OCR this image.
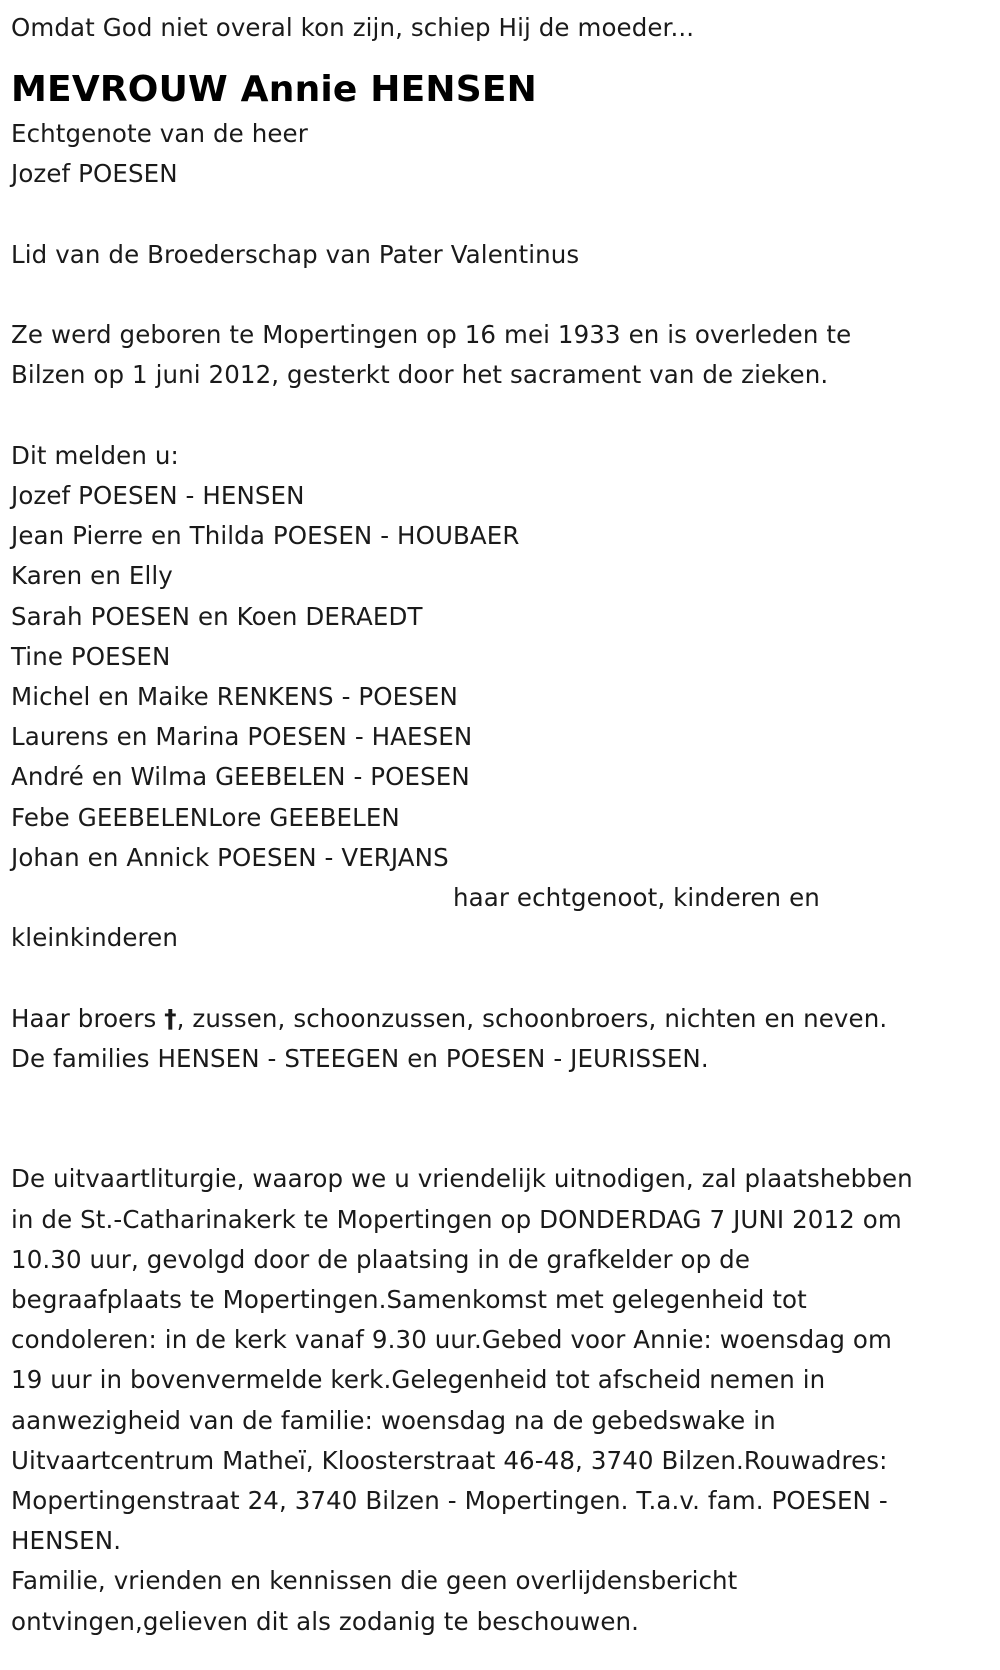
Omdat God niet overal kon zijn, schiep Hij de moeder...
MEVROUW Annie HENSEN
Echtgenote van de heer
Jozef POESEN
Lid van de Broederschap van Pater Valentinus
Ze werd geboren te Mopertingen op 16 mei 1933 en is overleden te
Bilzen op 1 juni 2012, gesterkt door het sacrament van de zieken.
Dit melden u:
Jozef POESEN - HENSEN
Jean Pierre en Thilda POESEN - HOUBAER
Karen en Elly
Sarah POESEN en Koen DERAEDT
Tine POESEN
Michel en Maike RENKENS - POESEN
Laurens en Marina POESEN - HAESEN
André en Wilma GEEBELEN - POESEN
Febe GEEBELENLore GEEBELEN
Johan en Annick POESEN - VERJANS
haar echtgenoot, kinderen en
kleinkinderen
Haar broers †, zussen, schoonzussen, schoonbroers, nichten en neven.
De families HENSEN - STEEGEN en POESEN - JEURISSEN.
De uitvaartliturgie, waarop we u vriendelijk uitnodigen, zal plaatshebben
in de St.-Catharinakerk te Mopertingen op DONDERDAG 7 JUNI 2012 om
10.30 uur, gevolgd door de plaatsing in de grafkelder op de
begraafplaats te Mopertingen.Samenkomst met gelegenheid tot
condoleren: in de kerk vanaf 9.30 uur.Gebed voor Annie: woensdag om
19 uur in bovenvermelde kerk.Gelegenheid tot afscheid nemen in
aanwezigheid van de familie: woensdag na de gebedswake in
Uitvaartcentrum Matheï, Kloosterstraat 46-48, 3740 Bilzen.Rouwadres:
Mopertingenstraat 24, 3740 Bilzen - Mopertingen. T.a.v. fam. POESEN -
HENSEN.
Familie, vrienden en kennissen die geen overlijdensbericht
ontvingen,gelieven dit als zodanig te beschouwen.
